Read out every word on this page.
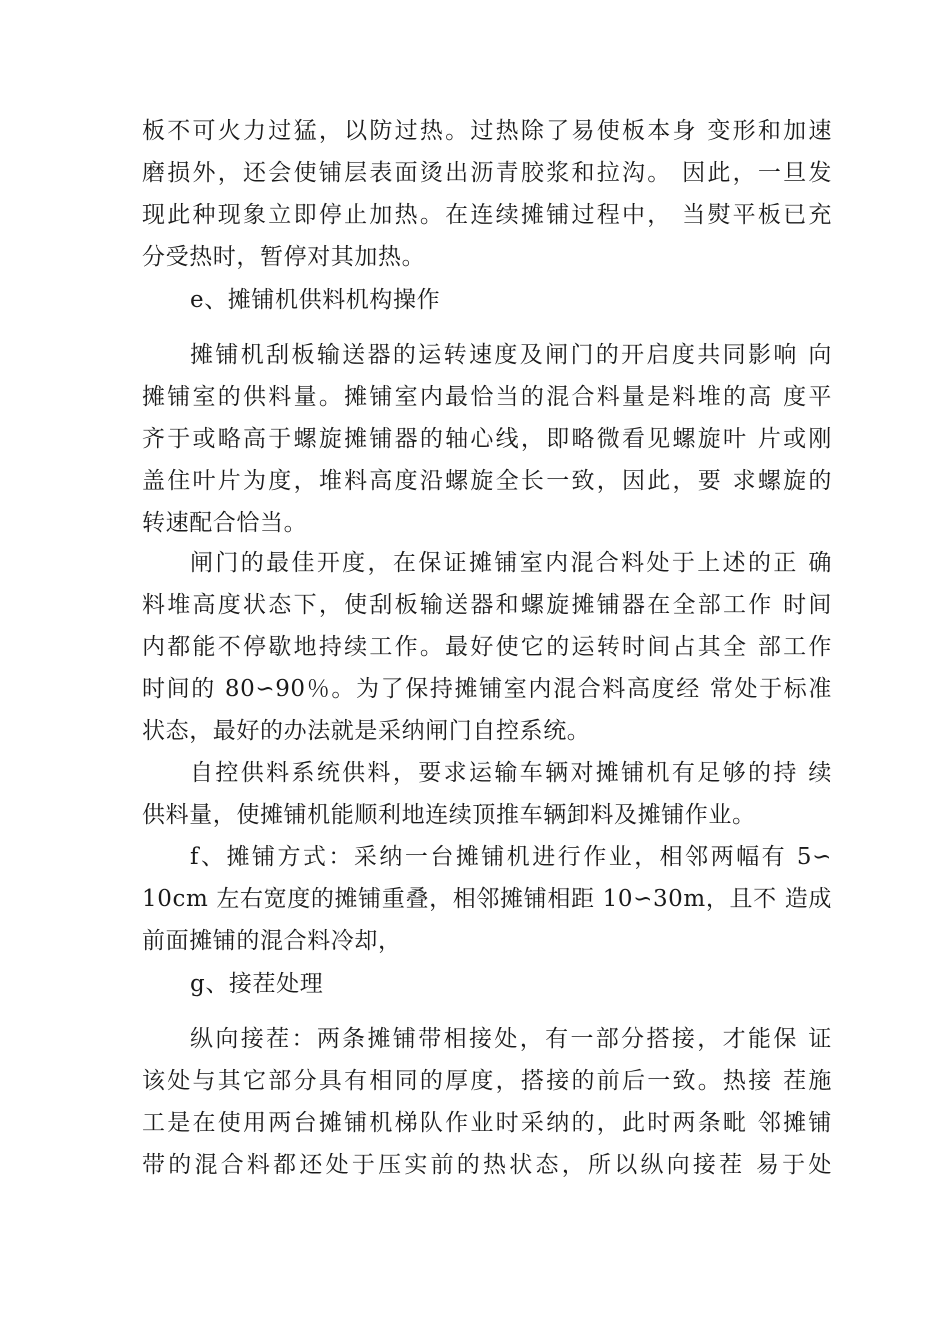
板不可火力过猛，以防过热。过热除了易使板本身 变形和加速
磨损外，还会使铺层表面烫出沥青胶浆和拉沟。 因此，一旦发
现此种现象立即停止加热。在连续摊铺过程中， 当熨平板已充
分受热时，暂停对其加热。
e、摊铺机供料机构操作
摊铺机刮板输送器的运转速度及闸门的开启度共同影响 向
摊铺室的供料量。摊铺室内最恰当的混合料量是料堆的高 度平
齐于或略高于螺旋摊铺器的轴心线，即略微看见螺旋叶 片或刚
盖住叶片为度，堆料高度沿螺旋全长一致，因此，要 求螺旋的
转速配合恰当。
闸门的最佳开度，在保证摊铺室内混合料处于上述的正 确
料堆高度状态下，使刮板输送器和螺旋摊铺器在全部工作 时间
内都能不停歇地持续工作。最好使它的运转时间占其全 部工作
时间的 80∽90％。为了保持摊铺室内混合料高度经 常处于标准
状态，最好的办法就是采纳闸门自控系统。
自控供料系统供料，要求运输车辆对摊铺机有足够的持 续
供料量，使摊铺机能顺利地连续顶推车辆卸料及摊铺作业。
f、摊铺方式：采纳一台摊铺机进行作业，相邻两幅有 5∽
10cm 左右宽度的摊铺重叠，相邻摊铺相距 10∽30m，且不 造成
前面摊铺的混合料冷却，
g、接茬处理
纵向接茬：两条摊铺带相接处，有一部分搭接，才能保 证
该处与其它部分具有相同的厚度，搭接的前后一致。热接 茬施
工是在使用两台摊铺机梯队作业时采纳的，此时两条毗 邻摊铺
带的混合料都还处于压实前的热状态，所以纵向接茬 易于处
